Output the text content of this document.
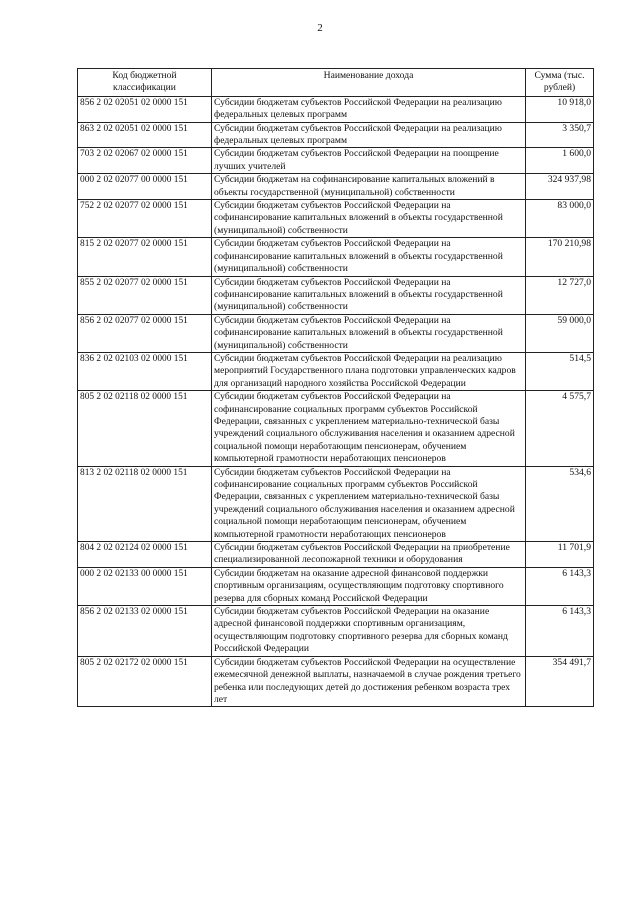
2
Код бюджетной классификации	Наименование дохода	Сумма (тыс. рублей)
856 2 02 02051 02 0000 151	Субсидии бюджетам субъектов Российской Федерации на реализацию федеральных целевых программ	10 918,0
863 2 02 02051 02 0000 151	Субсидии бюджетам субъектов Российской Федерации на реализацию федеральных целевых программ	3 350,7
703 2 02 02067 02 0000 151	Субсидии бюджетам субъектов Российской Федерации на поощрение лучших учителей	1 600,0
000 2 02 02077 00 0000 151	Субсидии бюджетам на софинансирование капитальных вложений в объекты государственной (муниципальной) собственности	324 937,98
752 2 02 02077 02 0000 151	Субсидии бюджетам субъектов Российской Федерации на софинансирование капитальных вложений в объекты государственной (муниципальной) собственности	83 000,0
815 2 02 02077 02 0000 151	Субсидии бюджетам субъектов Российской Федерации на софинансирование капитальных вложений в объекты государственной (муниципальной) собственности	170 210,98
855 2 02 02077 02 0000 151	Субсидии бюджетам субъектов Российской Федерации на софинансирование капитальных вложений в объекты государственной (муниципальной) собственности	12 727,0
856 2 02 02077 02 0000 151	Субсидии бюджетам субъектов Российской Федерации на софинансирование капитальных вложений в объекты государственной (муниципальной) собственности	59 000,0
836 2 02 02103 02 0000 151	Субсидии бюджетам субъектов Российской Федерации на реализацию мероприятий Государственного плана подготовки управленческих кадров для организаций народного хозяйства Российской Федерации	514,5
805 2 02 02118 02 0000 151	Субсидии бюджетам субъектов Российской Федерации на софинансирование социальных программ субъектов Российской Федерации, связанных с укреплением материально-технической базы учреждений социального обслуживания населения и оказанием адресной социальной помощи неработающим пенсионерам, обучением компьютерной грамотности неработающих пенсионеров	4 575,7
813 2 02 02118 02 0000 151	Субсидии бюджетам субъектов Российской Федерации на софинансирование социальных программ субъектов Российской Федерации, связанных с укреплением материально-технической базы учреждений социального обслуживания населения и оказанием адресной социальной помощи неработающим пенсионерам, обучением компьютерной грамотности неработающих пенсионеров	534,6
804 2 02 02124 02 0000 151	Субсидии бюджетам субъектов Российской Федерации на приобретение специализированной лесопожарной техники и оборудования	11 701,9
000 2 02 02133 00 0000 151	Субсидии бюджетам на оказание адресной финансовой поддержки спортивным организациям, осуществляющим подготовку спортивного резерва для сборных команд Российской Федерации	6 143,3
856 2 02 02133 02 0000 151	Субсидии бюджетам субъектов Российской Федерации на оказание адресной финансовой поддержки спортивным организациям, осуществляющим подготовку спортивного резерва для сборных команд Российской Федерации	6 143,3
805 2 02 02172 02 0000 151	Субсидии бюджетам субъектов Российской Федерации на осуществление ежемесячной денежной выплаты, назначаемой в случае рождения третьего ребенка или последующих детей до достижения ребенком возраста трех лет	354 491,7
